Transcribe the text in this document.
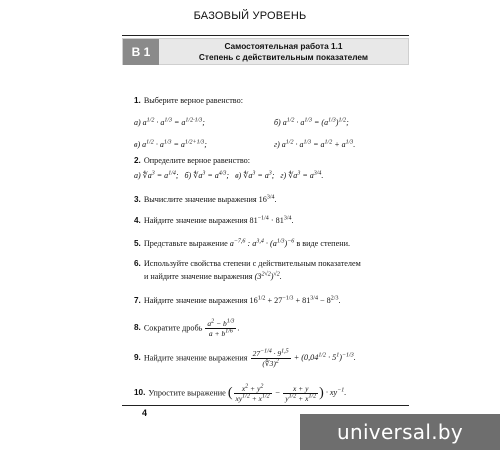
БАЗОВЫЙ УРОВЕНЬ
B 1	Самостоятельная работа 1.1
Степень с действительным показателем
1. Выберите верное равенство:
а) $a^{1/2} \cdot a^{1/3} = a^{1/2\cdot 1/3}$;	б) $a^{1/2} \cdot a^{1/3} = (a^{1/3})^{1/2}$;
в) $a^{1/2} \cdot a^{1/3} = a^{1/2+1/3}$;	г) $a^{1/2} \cdot a^{1/3} = a^{1/2} + a^{1/3}$.
2. Определите верное равенство:
а) $∜a^3 = a^{1/4}$;   б) $∜a^3 = a^{4/3}$;   в) $∜a^3 = a^3$;   г) $∜a^3 = a^{3/4}$.
3. Вычислите значение выражения $16^{3/4}$.
4. Найдите значение выражения $81^{-1/4} \cdot 81^{3/4}$.
5. Представьте выражение $a^{-7,6}$ : $a^{3,4} \cdot (a^{1/3})^{-6}$ в виде степени.
6. Используйте свойства степени с действительным показателем
и найдите значение выражения $(3^{2√2})^{√2}$.
7. Найдите значение выражения $16^{1/2} + 27^{-1/3} + 81^{3/4} - 8^{2/3}$.
8. Сократите дробь $\frac{a^2 - b^{1/3}}{a + b^{1/6}}$ .
9. Найдите значение выражения $\frac{27^{-1/4} \cdot 9^{1,5}}{(∜3)^2} + (0,04^{1/2} \cdot 5^1)^{-1/3}$.
10. Упростите выражение ( $\frac{x^2 + y^2}{xy^{1/2} + x^{1/2}} - \frac{x + y}{y^{1/2} + x^{1/2}}$ ) · $xy^{-1}$.
4
universal.by
